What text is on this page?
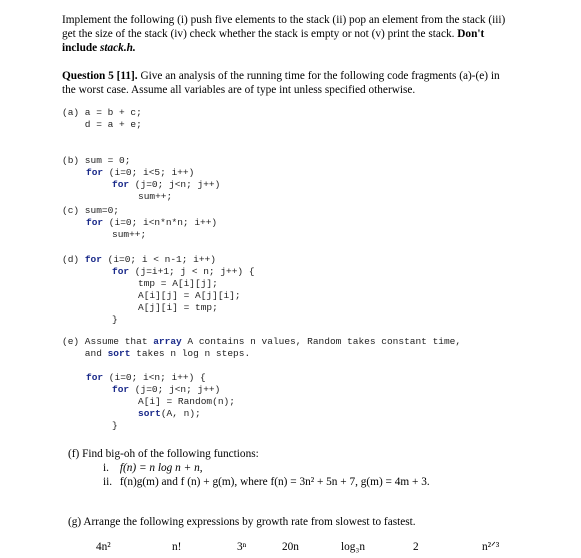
Implement the following (i) push five elements to the stack (ii) pop an element from the stack (iii)
get the size of the stack (iv) check whether the stack is empty or not (v) print the stack. Don't
include stack.h.
Question 5 [11]. Give an analysis of the running time for the following code fragments (a)-(e) in
the worst case. Assume all variables are of type int unless specified otherwise.
(a) a = b + c;
d = a + e;
(b) sum = 0;
for (i=0; i<5; i++)
for (j=0; j<n; j++)
sum++;
(c) sum=0;
for (i=0; i<n*n*n; i++)
sum++;
(d) for (i=0; i < n-1; i++)
for (j=i+1; j < n; j++) {
tmp = A[i][j];
A[i][j] = A[j][i];
A[j][i] = tmp;
}
(e) Assume that array A contains n values, Random takes constant time,
and sort takes n log n steps.
for (i=0; i<n; i++) {
for (j=0; j<n; j++)
A[i] = Random(n);
sort(A, n);
}
(f) Find big-oh of the following functions:
i. f(n) = n log n + n,
ii. f(n)g(m) and f (n) + g(m), where f(n) = 3n² + 5n + 7, g(m) = 4m + 3.
(g) Arrange the following expressions by growth rate from slowest to fastest.
4n²	n!	3ⁿ	20n	log₃n	2	n²ᐟ³
